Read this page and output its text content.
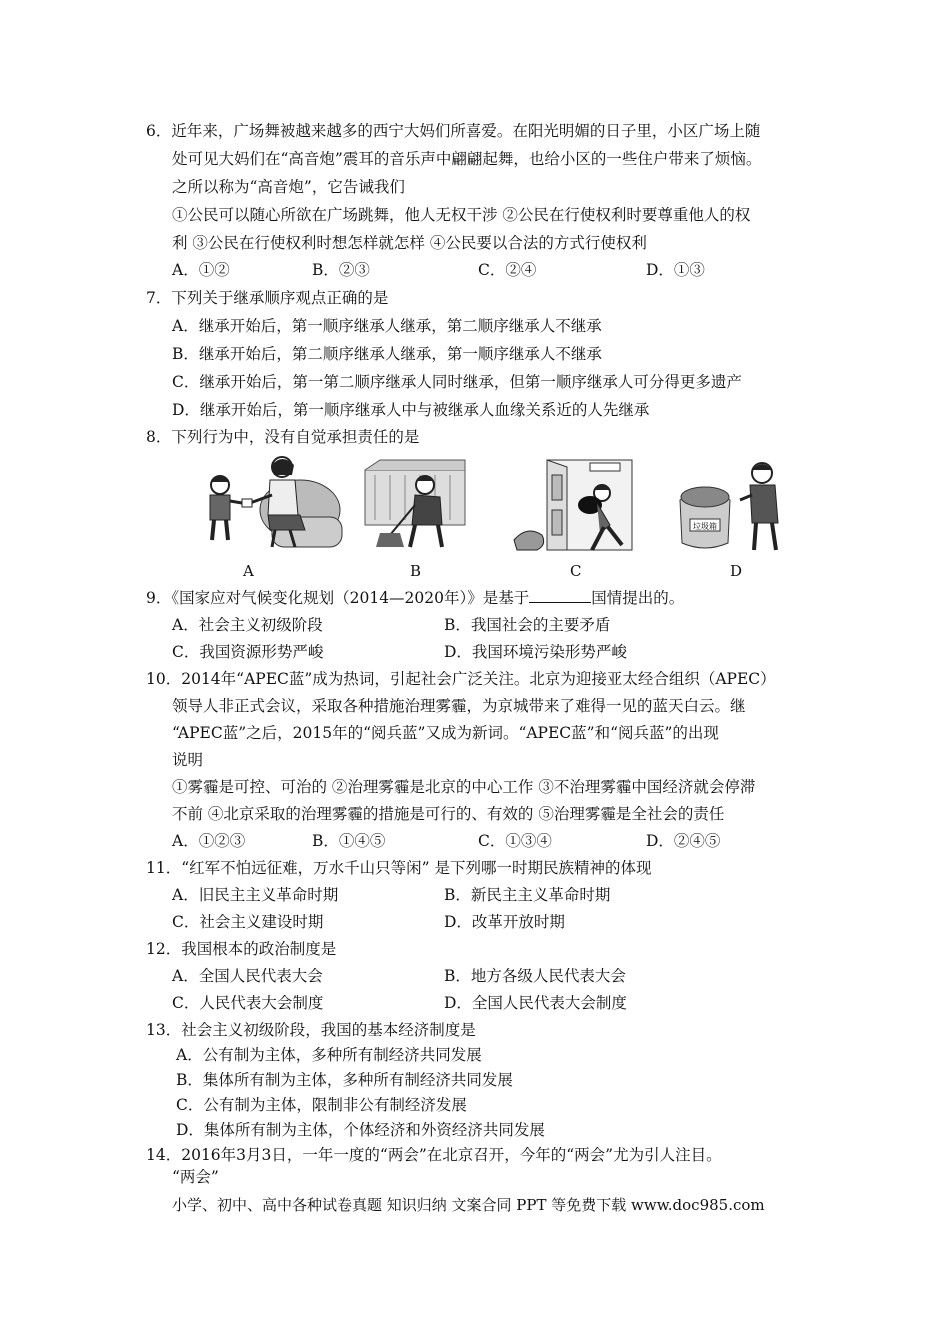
6．近年来，广场舞被越来越多的西宁大妈们所喜爱。在阳光明媚的日子里，小区广场上随
处可见大妈们在“高音炮”震耳的音乐声中翩翩起舞，也给小区的一些住户带来了烦恼。
之所以称为“高音炮”，它告诫我们
①公民可以随心所欲在广场跳舞，他人无权干涉 ②公民在行使权利时要尊重他人的权
利 ③公民在行使权利时想怎样就怎样 ④公民要以合法的方式行使权利
A．①②	B．②③	C．②④	D．①③
7．下列关于继承顺序观点正确的是
A．继承开始后，第一顺序继承人继承，第二顺序继承人不继承
B．继承开始后，第二顺序继承人继承，第一顺序继承人不继承
C．继承开始后，第一第二顺序继承人同时继承，但第一顺序继承人可分得更多遗产
D．继承开始后，第一顺序继承人中与被继承人血缘关系近的人先继承
8．下列行为中，没有自觉承担责任的是
垃圾箱
A	B	C	D
9．《国家应对气候变化规划（2014—2020年）》是基于	国情提出的。
A．社会主义初级阶段	B．我国社会的主要矛盾
C．我国资源形势严峻	D．我国环境污染形势严峻
10．2014年“APEC蓝”成为热词，引起社会广泛关注。北京为迎接亚太经合组织（APEC）
领导人非正式会议，采取各种措施治理雾霾，为京城带来了难得一见的蓝天白云。继
“APEC蓝”之后，2015年的“阅兵蓝”又成为新词。“APEC蓝”和“阅兵蓝”的出现
说明
①雾霾是可控、可治的 ②治理雾霾是北京的中心工作 ③不治理雾霾中国经济就会停滞
不前 ④北京采取的治理雾霾的措施是可行的、有效的 ⑤治理雾霾是全社会的责任
A．①②③	B．①④⑤	C．①③④	D．②④⑤
11．“红军不怕远征难，万水千山只等闲” 是下列哪一时期民族精神的体现
A．旧民主主义革命时期	B．新民主主义革命时期
C．社会主义建设时期	D．改革开放时期
12．我国根本的政治制度是
A．全国人民代表大会	B．地方各级人民代表大会
C．人民代表大会制度	D．全国人民代表大会制度
13．社会主义初级阶段，我国的基本经济制度是
A．公有制为主体，多种所有制经济共同发展
B．集体所有制为主体，多种所有制经济共同发展
C．公有制为主体，限制非公有制经济发展
D．集体所有制为主体，个体经济和外资经济共同发展
14．2016年3月3日，一年一度的“两会”在北京召开，今年的“两会”尤为引人注目。
“两会”
小学、初中、高中各种试卷真题 知识归纳 文案合同 PPT 等免费下载 www.doc985.com
